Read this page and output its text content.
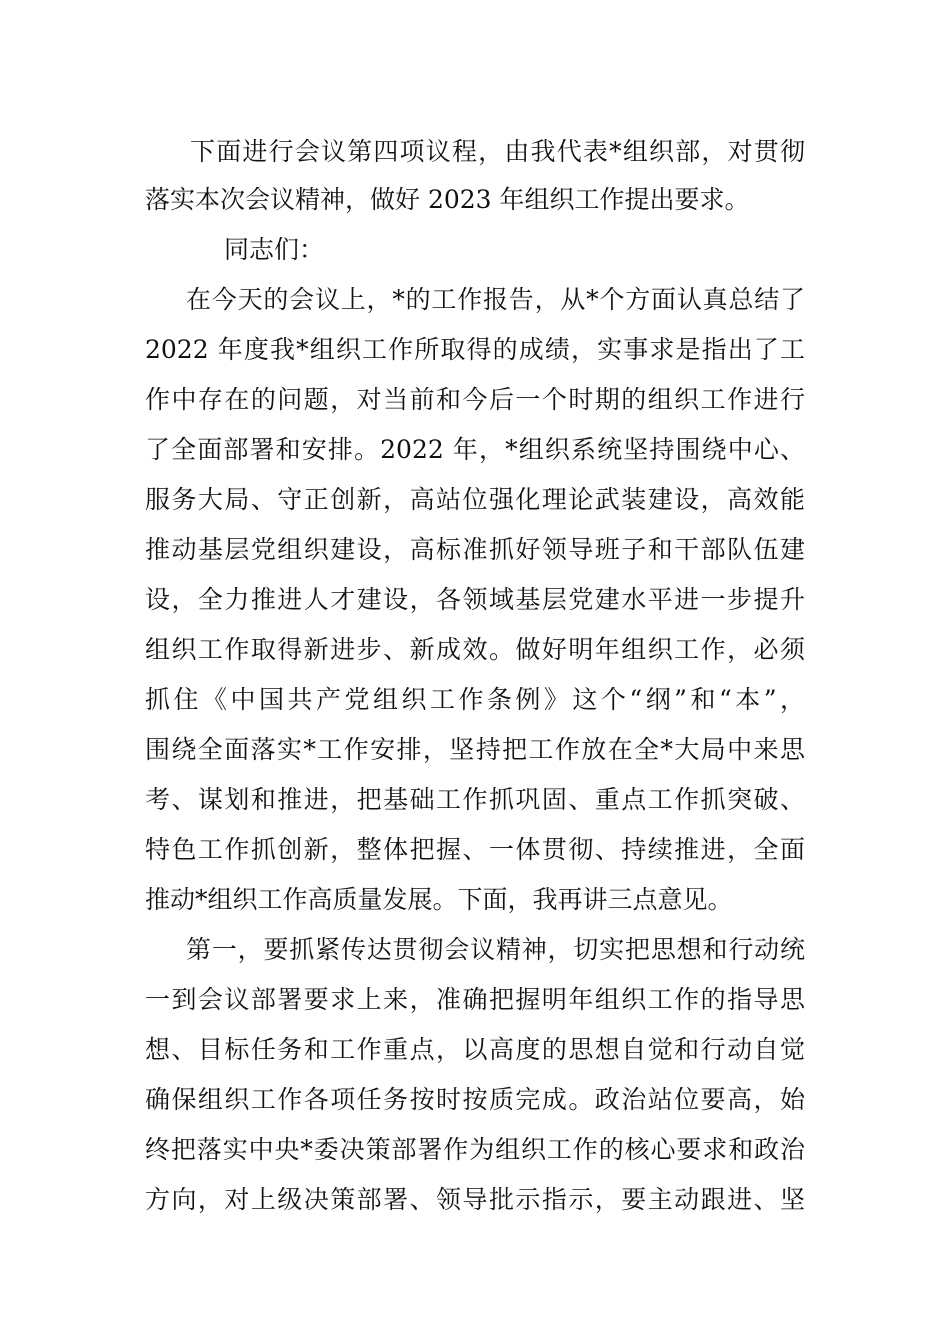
下面进行会议第四项议程，由我代表*组织部，对贯彻
落实本次会议精神，做好 2023 年组织工作提出要求。
同志们：
在今天的会议上，*的工作报告，从*个方面认真总结了
2022 年度我*组织工作所取得的成绩，实事求是指出了工
作中存在的问题，对当前和今后一个时期的组织工作进行
了全面部署和安排。2022 年，*组织系统坚持围绕中心、
服务大局、守正创新，高站位强化理论武装建设，高效能
推动基层党组织建设，高标准抓好领导班子和干部队伍建
设，全力推进人才建设，各领域基层党建水平进一步提升
组织工作取得新进步、新成效。做好明年组织工作，必须
抓住《中国共产党组织工作条例》这个“纲”和“本”，
围绕全面落实*工作安排，坚持把工作放在全*大局中来思
考、谋划和推进，把基础工作抓巩固、重点工作抓突破、
特色工作抓创新，整体把握、一体贯彻、持续推进，全面
推动*组织工作高质量发展。下面，我再讲三点意见。
第一，要抓紧传达贯彻会议精神，切实把思想和行动统
一到会议部署要求上来，准确把握明年组织工作的指导思
想、目标任务和工作重点，以高度的思想自觉和行动自觉
确保组织工作各项任务按时按质完成。政治站位要高，始
终把落实中央*委决策部署作为组织工作的核心要求和政治
方向，对上级决策部署、领导批示指示，要主动跟进、坚
